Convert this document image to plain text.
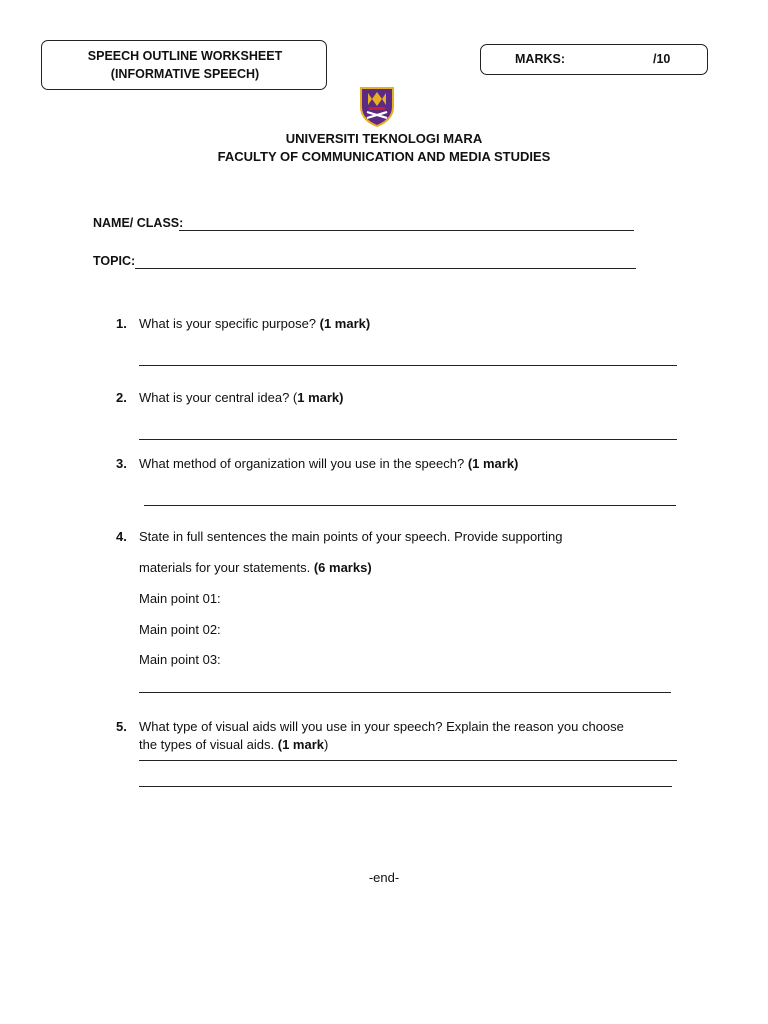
SPEECH OUTLINE WORKSHEET
(INFORMATIVE SPEECH)
MARKS:	/10
UNIVERSITI TEKNOLOGI MARA
FACULTY OF COMMUNICATION AND MEDIA STUDIES
NAME/ CLASS:
TOPIC:
1. What is your specific purpose? (1 mark)
2. What is your central idea? (1 mark)
3. What method of organization will you use in the speech? (1 mark)
4. State in full sentences the main points of your speech. Provide supporting
materials for your statements. (6 marks)
Main point 01:
Main point 02:
Main point 03:
5. What type of visual aids will you use in your speech? Explain the reason you choose
the types of visual aids. (1 mark)
-end-
